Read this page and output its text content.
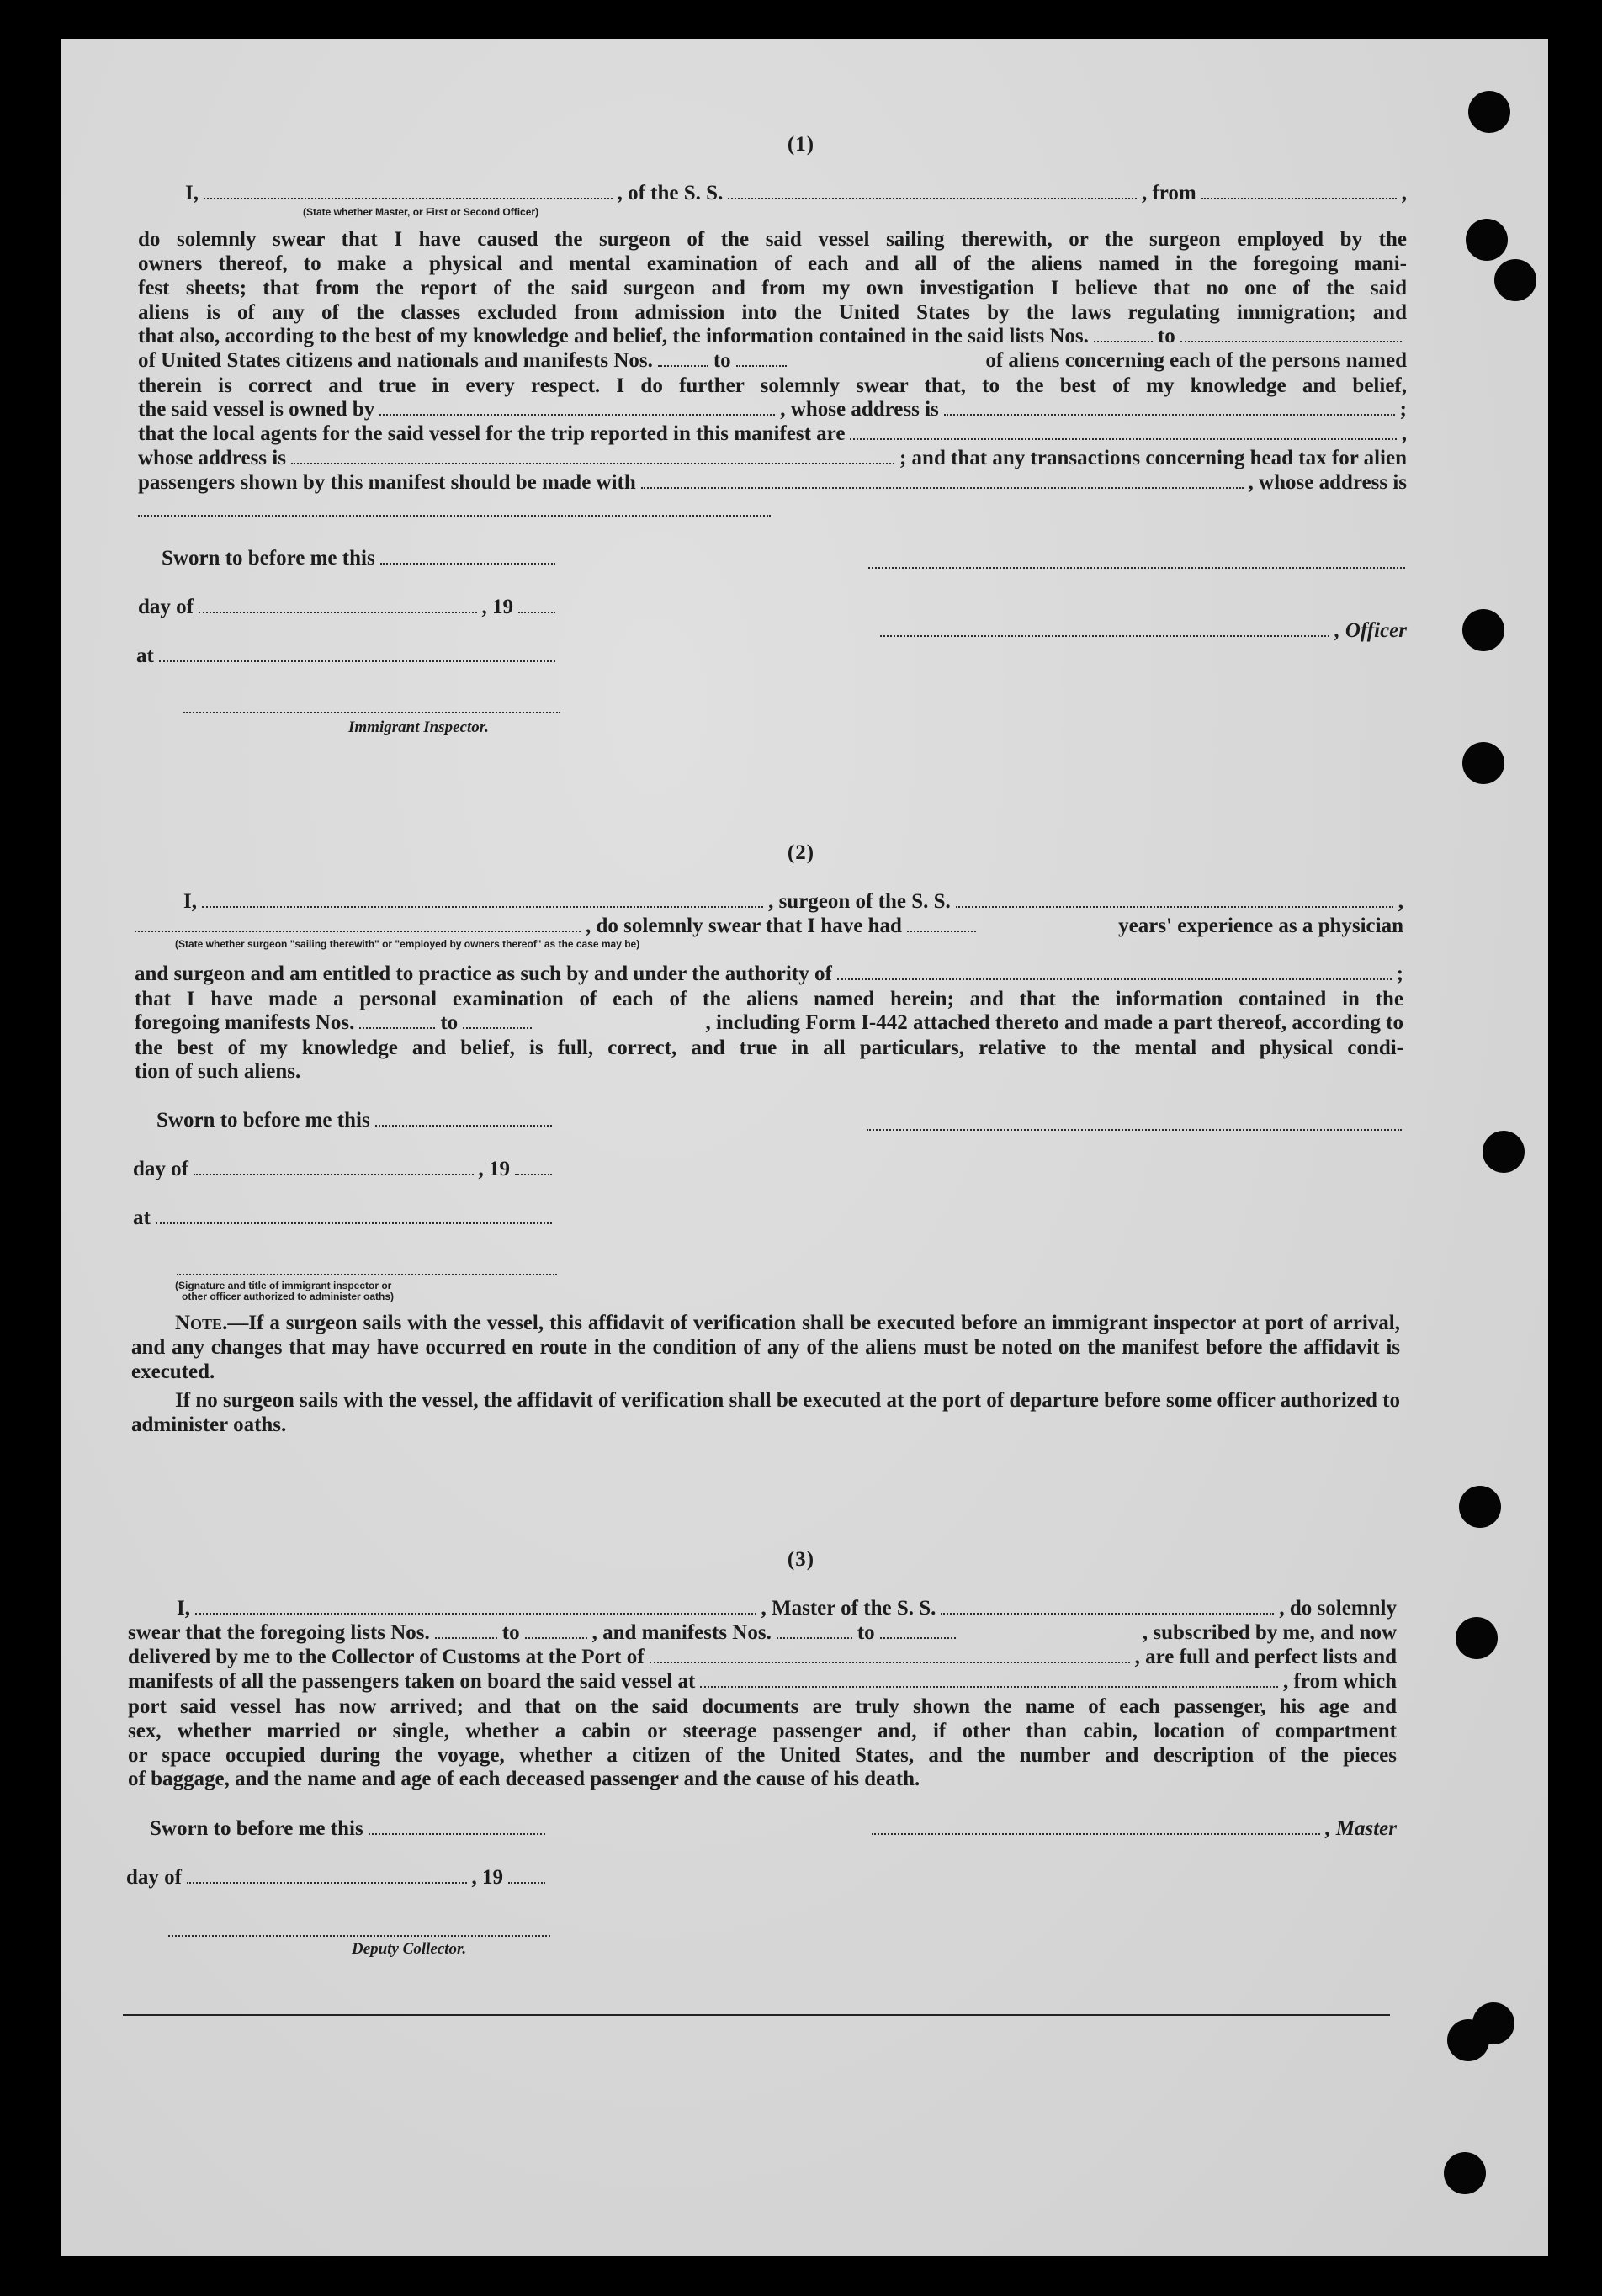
(1)
I,	, of the S. S.	, from	,
(State whether Master, or First or Second Officer)
do solemnly swear that I have caused the surgeon of the said vessel sailing therewith, or the surgeon employed by the
owners thereof, to make a physical and mental examination of each and all of the aliens named in the foregoing mani-
fest sheets; that from the report of the said surgeon and from my own investigation I believe that no one of the said
aliens is of any of the classes excluded from admission into the United States by the laws regulating immigration; and
that also, according to the best of my knowledge and belief, the information contained in the said lists Nos.	to
of United States citizens and nationals and manifests Nos.	to	of aliens concerning each of the persons named
therein is correct and true in every respect. I do further solemnly swear that, to the best of my knowledge and belief,
the said vessel is owned by	, whose address is	;
that the local agents for the said vessel for the trip reported in this manifest are	,
whose address is	; and that any transactions concerning head tax for alien
passengers shown by this manifest should be made with	, whose address is
Sworn to before me this
day of	, 19
, Officer
at
Immigrant Inspector.
(2)
I,	, surgeon of the S. S.	,
, do solemnly swear that I have had	years' experience as a physician
(State whether surgeon "sailing therewith" or "employed by owners thereof" as the case may be)
and surgeon and am entitled to practice as such by and under the authority of	;
that I have made a personal examination of each of the aliens named herein; and that the information contained in the
foregoing manifests Nos.	to	, including Form I-442 attached thereto and made a part thereof, according to
the best of my knowledge and belief, is full, correct, and true in all particulars, relative to the mental and physical condi-
tion of such aliens.
Sworn to before me this
day of	, 19
at
(Signature and title of immigrant inspector or
other officer authorized to administer oaths)
Note.—If a surgeon sails with the vessel, this affidavit of verification shall be executed before an immigrant inspector at port of arrival, and any changes that may have occurred en route in the condition of any of the aliens must be noted on the manifest before the affidavit is executed.
If no surgeon sails with the vessel, the affidavit of verification shall be executed at the port of departure before some officer authorized to administer oaths.
(3)
I,	, Master of the S. S.	, do solemnly
swear that the foregoing lists Nos.	to	, and manifests Nos.	to	, subscribed by me, and now
delivered by me to the Collector of Customs at the Port of	, are full and perfect lists and
manifests of all the passengers taken on board the said vessel at	, from which
port said vessel has now arrived; and that on the said documents are truly shown the name of each passenger, his age and
sex, whether married or single, whether a cabin or steerage passenger and, if other than cabin, location of compartment
or space occupied during the voyage, whether a citizen of the United States, and the number and description of the pieces
of baggage, and the name and age of each deceased passenger and the cause of his death.
Sworn to before me this	, Master
day of	, 19
Deputy Collector.
